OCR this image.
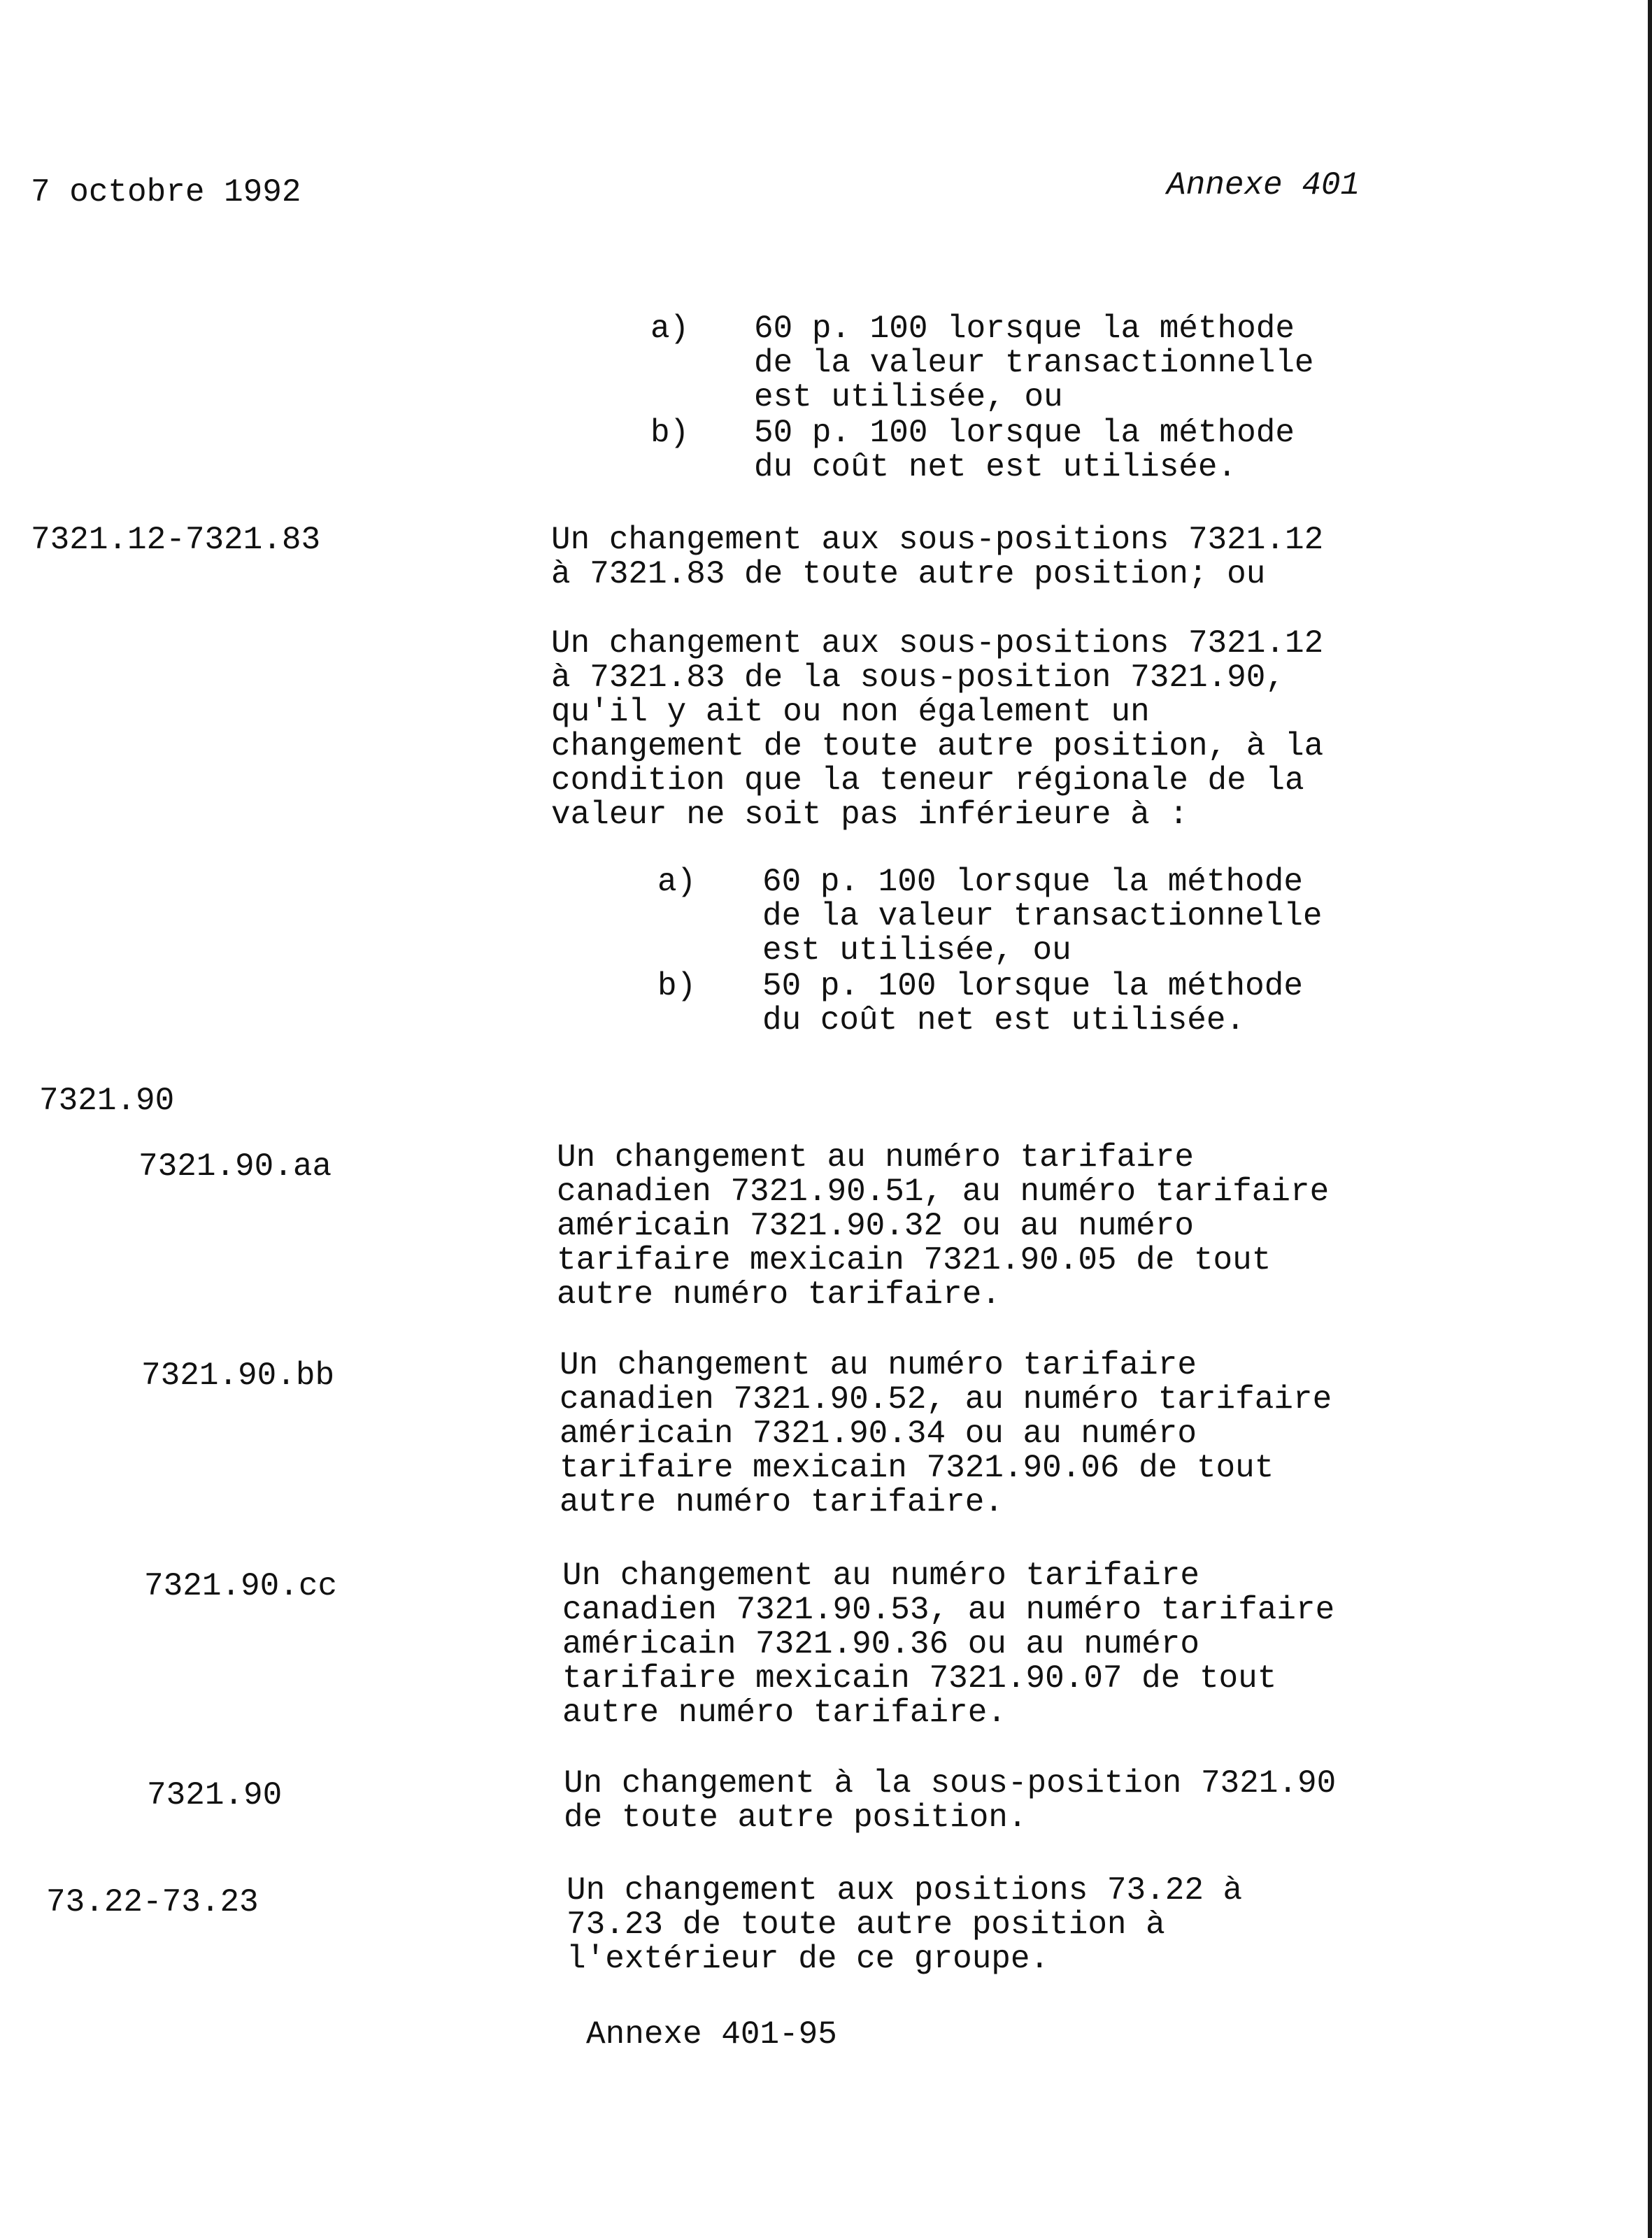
7 octobre 1992	Annexe 401
a) 60 p. 100 lorsque la méthode
de la valeur transactionnelle
est utilisée, ou
b) 50 p. 100 lorsque la méthode
du coût net est utilisée.
7321.12-7321.83	Un changement aux sous-positions 7321.12
à 7321.83 de toute autre position; ou
Un changement aux sous-positions 7321.12
à 7321.83 de la sous-position 7321.90,
qu'il y ait ou non également un
changement de toute autre position, à la
condition que la teneur régionale de la
valeur ne soit pas inférieure à :
a) 60 p. 100 lorsque la méthode
de la valeur transactionnelle
est utilisée, ou
b) 50 p. 100 lorsque la méthode
du coût net est utilisée.
7321.90
7321.90.aa	Un changement au numéro tarifaire
canadien 7321.90.51, au numéro tarifaire
américain 7321.90.32 ou au numéro
tarifaire mexicain 7321.90.05 de tout
autre numéro tarifaire.
7321.90.bb	Un changement au numéro tarifaire
canadien 7321.90.52, au numéro tarifaire
américain 7321.90.34 ou au numéro
tarifaire mexicain 7321.90.06 de tout
autre numéro tarifaire.
7321.90.cc	Un changement au numéro tarifaire
canadien 7321.90.53, au numéro tarifaire
américain 7321.90.36 ou au numéro
tarifaire mexicain 7321.90.07 de tout
autre numéro tarifaire.
7321.90	Un changement à la sous-position 7321.90
de toute autre position.
73.22-73.23	Un changement aux positions 73.22 à
73.23 de toute autre position à
l'extérieur de ce groupe.
Annexe 401-95
